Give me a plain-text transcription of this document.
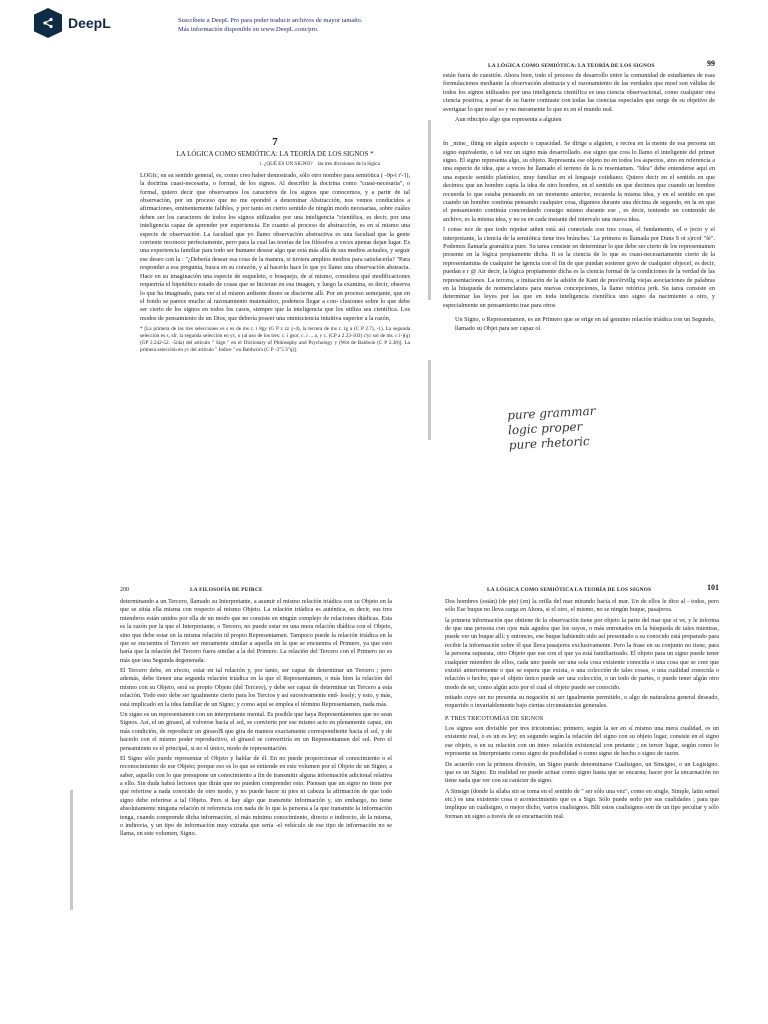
DeepL	Suscríbete a DeepL Pro para poder traducir archivos de mayor tamaño.
Más información disponible en www.DeepL.com/pro.
7
LA LÓGICA COMO SEMIÓTICA: LA TEORÍA DE LOS SIGNOS *
i. ¿QUÉ ES UN SIGNO? las tres divisiones de la lógica

LOGIc, en su sentido general, es, como creo haber demostrado, sólo otro nombre para semiótica ( -9p-i r'-'i), la doctrina cuasi-necesaria, o formal, de los signos. Al describir la doctrina como "cuasi-necesaria", o formal, quiero decir que observamos los caracteres de los signos que conocemos, y a partir de tal observación, por un proceso que no me opondré a denominar Abstracción, nos vemos conducidos a afirmaciones, eminentemente falibles, y por tanto en cierto sentido de ningún modo necesarias, sobre cuáles deben ser los caracteres de todos los signos utilizados por una inteligencia "científica, es decir, por una inteligencia capaz de aprender por experiencia. En cuanto al proceso de abstracción, es en sí mismo una especie de observación. La facultad que yo llamo observación abstractiva es una facultad que la gente corriente reconoce perfectamente, pero para la cual las teorías de los filósofos a veces apenas dejan lugar. Es una experiencia familiar para todo ser humano desear algo que está más allá de sus medios actuales, y seguir ese deseo con la : "¿Debería desear esa cosa de la manera, si tuviera amplios medios para satisfacerla? "Para responder a esa pregunta, busca en su corazón, y al hacerlo hace lo que yo llamo una observación abstracta. Hace en su imaginación una especie de esqueleto, o bosquejo, de sí mismo, considera qué modificaciones requeriría el hipotético estado de cosas que se hicieran en esa imagen, y luego la examina, es decir, observa lo que ha imaginado, para ver si el mismo ardiente deseo se discierne allí. Por un proceso semejante, que en el fondo se parece mucho al razonamiento matemático, podemos llegar a con- clusiones sobre lo que debe ser cierto de los signos en todos los casos, siempre que la inteligencia que los utiliza sea científica. Los modos de pensamiento de un Dios, que debería poseer una omnisciencia intuitiva superior a la razón,

* [La primera de las tres selecciones es s es de ms c. i 8gy (G P z zz y-4), la tercera de ms c. ig a (C P 2.7), -1). La segunda selección es s, sfr, la segunda selección en yc, o (al uso de los tres: c. i gsor, c. i ... a, y c. (CP a 2.23-103) c'yr soi de ms. c i-)(q) (GP 2.242-52. -5i4a) del artículo " Sign " en el Dictionary of Philosophy and Psychology y (Wot de Baldwin (C P 2.30)]. La primera selección en yc del artículo " Indice " en Baldwin's (C P -3"5 3"q)].

LA LÓGICA COMO SEMIÓTICA: LA TEORÍA DE LOS SIGNOS	99

están fuera de cuestión. Ahora bien, todo el proceso de desarrollo entre la comunidad de estudiantes de esas formulaciones mediante la observación abstracta y el razonamiento de las verdades que mosf son válidas de todos los signos utilizados por una inteligencia científica es una ciencia observacional, como cualquier otra ciencia positiva, a pesar de su fuerte contraste con todas las ciencias especiales que surge de su objetivo de averiguar lo que mosf es y no meramente lo que es en el mundo real.

Aun rdncipio algo que representa a alguien

fn _mine_ thing en algún aspecto o capacidad. Se dirige a alguien, s recrea en la mente de esa persona un signo equivalente, o tal vez un signo más desarrollado. ese signo que crea lo llamo el inteligente del primer signo. El signo representa algo, su objeto. Representa ese objeto no en todos los aspectos, sino en referencia a una especie de idea, que a veces he llamado el terreno de la re resentamen. "Idea" debe entenderse aquí en una especie sentido platónico, muy familiar en el lenguaje cotidiano; Quiero decir en el sentido en que decimos que un hombre capta la idea de otro hombre, en el sentido en que decimos que cuando un hombre recuerda lo que estaba pensando en un momento anterior, recuerda la misma idea, y en el sentido en que cuando un hombre continúa pensando cualquier cosa, digamos durante una décima de segundo, en la en que el pensamiento continúa concordando consigo mismo durante ese , es decir, teniendo un contenido de archivo, es la misma idea, y no es en cada instante del intervalo una nueva idea.

I conse nce de que todo repräse aiñen está así conectada con tres cosas, el fundamento, el o jecto y el interpretante, la ciencia de la semiótica tiene tres bránches.' La primera es llamada por Duns S ot s)rcof "fé". Podemos llamarla gramática pure. Su tarea consiste en determinar lo que debe ser cierto de los representamen presente en la lógica propiamente dicha. It es la ciencia de lo que es cuasi-necesariamente cierto de la representamina de cualquier he igencia con el fin de que puedan sostener govo de cualquier objecef, es decir, puedan e r @ Air decir, la lógica propiamente dicha es la ciencia formal de la condiciones de la verdad de las representaciones. La tercera, a imitación de la adsión de Kant de pres'érvillg viejas asociaciones de palabras en la búsqueda de nomenclatura para nuevas concepciones, la llamo retórica jerk. Su tarea consiste en determinar las leyes por las que en toda inteligencia científica uno signo da nacimiento a otro, y especialmente un pensamiento trae para otros

Un Signo, o Representamen, es un Primero que se erige en tal genuino relación triádica con un Segundo, llamado su Objet para ser capaz ol

pure grammar
logic proper
pure rhetoric
200	LA FILOSOFÍA DE PEIRCE

determinando a un Tercero, llamado su Interpretante, a asumir el mismo relación triádica con su Objeto en la que se sitúa ella misma con respecto al mismo Objeto. La relación triádica es auténtica, es decir, sus tres miembros están unidos por ella de un modo que no consiste en ningún complejo de relaciones diádicas. Esta es la razón por la que el Interpretante, o Tercero, no puede estar en una mera relación diádica con el Objeto, sino que debe estar en la misma relación id propio Representamen. Tampoco puede la relación triádica en la que se encuentra el Tercero ser meramente similar a aquella en la que se encuentra el Primero, ya que esto haría que la relación del Tercero fuera similar a la del Primero. La relación del Tercero con el Primero no es más que una Segunda degenerada.

El Tercero debe, en efecto, estar en tal relación y, por tanto, ser capaz de determinar un Tercero ; pero además, debe tienen una segunda relación triádica en la que el Representamen, o más bien la relación del mismo con su Objeto, será su propio Objeto (del Tercero), y debe ser capaz de determinar un Tercero a esta relación. Todo esto debe ser igualmente cierto para los Tercios y así sucesivamente end- lessly; y esto, y más, está implicado en la idea familiar de un Signo; y como aquí se emplea el término Representamen, nada más.

Un signo es un representamen con un interpretante mental. Es posible que haya Representámenes que no sean Signos. Así, el un girasol, al volverse hacia el sol, se convierte por ese mismo acto en plenamente capaz, sin más condición, de reproducir un girasol$ que gira de manera exactamente correspondiente hacia el sol, y de hacerlo con el mismo poder reproductivo, el girasol se convertiría en un Representamen del sol. Pero el pensamiento es el principal, si no el único, modo de representación.

El Signo sólo puede representar el Objeto y hablar de él. En no puede proporcionar el conocimiento o el reconocimiento de ese Objeto; porque eso es lo que se entiende en este volumen por el Objeto de un Signo; a saber, aquello con lo que presupone un conocimiento a fin de transmitir alguna información adicional relativa a ello. Sin duda habrá lectores que dirán que no pueden comprender esto. Piensan que un signo no tiene por qué referirse a nada conocido de otro modo, y no puede hacer ni pies ni cabeza la afirmación de que todo signo debe referirse a tal Objeto. Pero si hay algo que transmite información y, sin embargo, no tiene absolutamente ninguna relación ni referencia con nada de lo que la persona a la que transmite la información tenga, cuando comprende dicha información, el más mínimo conocimiento, directo o indirecto, de la misma, o indirecta, y un tipo de información muy extraña que sería -el vehículo de ese tipo de información no se llama, en este volumen, Signo.

LA LÓGICA COMO SEMIÓTICA LA TEORÍA DE LOS SIGNOS	101

Dos hombres (están) (de pie) (en) la orilla del mar mirando hacia el mar. Un de ellos le dice al - todos, pero sólo Ese buque no lleva carga en Ahora, si el otro, el mismo, no se ningún buque, pasajeros.

la primera información que obtiene de la observación tiene por objeto la parte del mar que si ve, y le informa de que una persona con ojos más agudos que los suyos, o más entrenados en la búsqueda de tales mientras, puede ver un buque allí; y entonces, ese buque habiendo sido así presentado a su conocido está preparado para recibir la información sobre él que lleva pasajeros exclusivamente. Pero la frase en su conjunto no tiene, para la persona supuesta, otro Objeto que ese con el que ya está familiarizado. El objeto para un signo puede tener cualquier miembro de ellos, cada uno puede ser una sola cosa existente conocida o una cosa que se cree que existió anteriormente o que se espera que exista, o una colección de tales cosas, o una cualidad conocida o relación o hecho, que el objeto único puede ser una colección, o un todo de partes, o puede tener algún otro modo de ser, como algún acto por el cual el objeto puede ser conocido.

mitado cuyo ser no presenta su negación ni ser igualmente permitido, o algo de naturaleza general deseado, requerido o invariablemente bajo ciertas circunstancias generales.

P. TRES TRICOTOMÍAS DE SIGNOS

Los signos son divisible por tres tricotomías; primero, según la ser en sí mismo una mera cualidad, es un existente real, o es un es ley; en segundo según la relación del signo con su objeto lugar, consiste en el signo ese objeto, o en su relación con un inter- relación existencial con pretante ; en tercer lugar, según como lo represente su Interpretante como signo de posibilidad o como signo de hecho o signo de razón.

De acuerdo con la primera división, un Signo puede denominarse Cualisigno, un Sinsigno, o un Legisigno. que es un Signo. En realidad no puede actuar como signo hasta que se encarna; hacer por la encarnación no tiene nada que ver con su carácter de signo.

A Sinsign (donde la sílaba sin se toma en el sentido de " ser sólo una vez", como en single, Simple, latin semel etc.) es una existente cosa o acontecimiento que es a Sign. Sólo puede serlo por sus cualidades ; para que implique un cualisigno, o mejor dicho, varios cualisignos. Bllt estos cualisignos son de un tipo peculiar y sólo forman un signo a través de su encarnación real.
